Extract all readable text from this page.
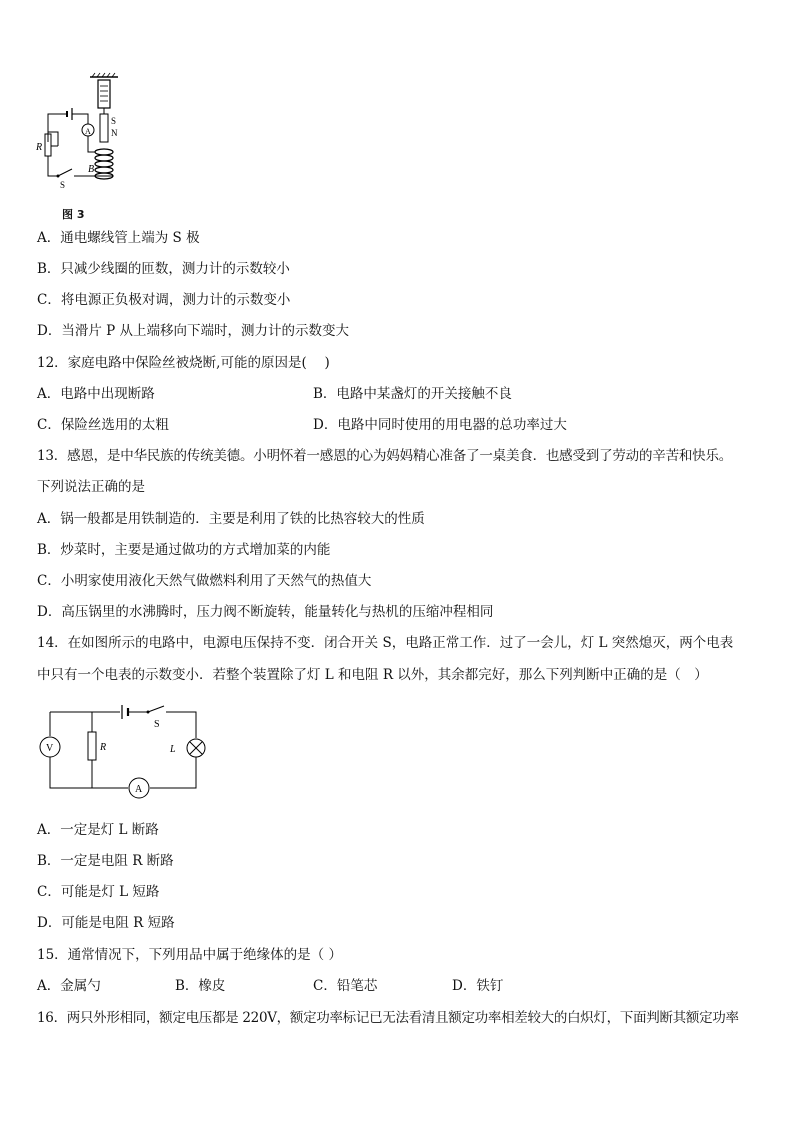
S
N
B
A
R
S
图 3
A．通电螺线管上端为 S 极
B．只减少线圈的匝数，测力计的示数较小
C．将电源正负极对调，测力计的示数变小
D．当滑片 P 从上端移向下端时，测力计的示数变大
12．家庭电路中保险丝被烧断,可能的原因是(　 )
A．电路中出现断路	B．电路中某盏灯的开关接触不良
C．保险丝选用的太粗	D．电路中同时使用的用电器的总功率过大
13．感恩，是中华民族的传统美德。小明怀着一感恩的心为妈妈精心准备了一桌美食．也感受到了劳动的辛苦和快乐。
下列说法正确的是
A．锅一般都是用铁制造的．主要是利用了铁的比热容较大的性质
B．炒菜时，主要是通过做功的方式增加菜的内能
C．小明家使用液化天然气做燃料利用了天然气的热值大
D．高压锅里的水沸腾时，压力阀不断旋转，能量转化与热机的压缩冲程相同
14．在如图所示的电路中，电源电压保持不变．闭合开关 S，电路正常工作．过了一会儿，灯 L 突然熄灭，两个电表
中只有一个电表的示数变小．若整个装置除了灯 L 和电阻 R 以外，其余都完好，那么下列判断中正确的是（　）
S
V	R	L
A
A．一定是灯 L 断路
B．一定是电阻 R 断路
C．可能是灯 L 短路
D．可能是电阻 R 短路
15．通常情况下，下列用品中属于绝缘体的是（ ）
A．金属勺	B．橡皮	C．铅笔芯	D．铁钉
16．两只外形相同，额定电压都是 220V，额定功率标记已无法看清且额定功率相差较大的白炽灯，下面判断其额定功率
